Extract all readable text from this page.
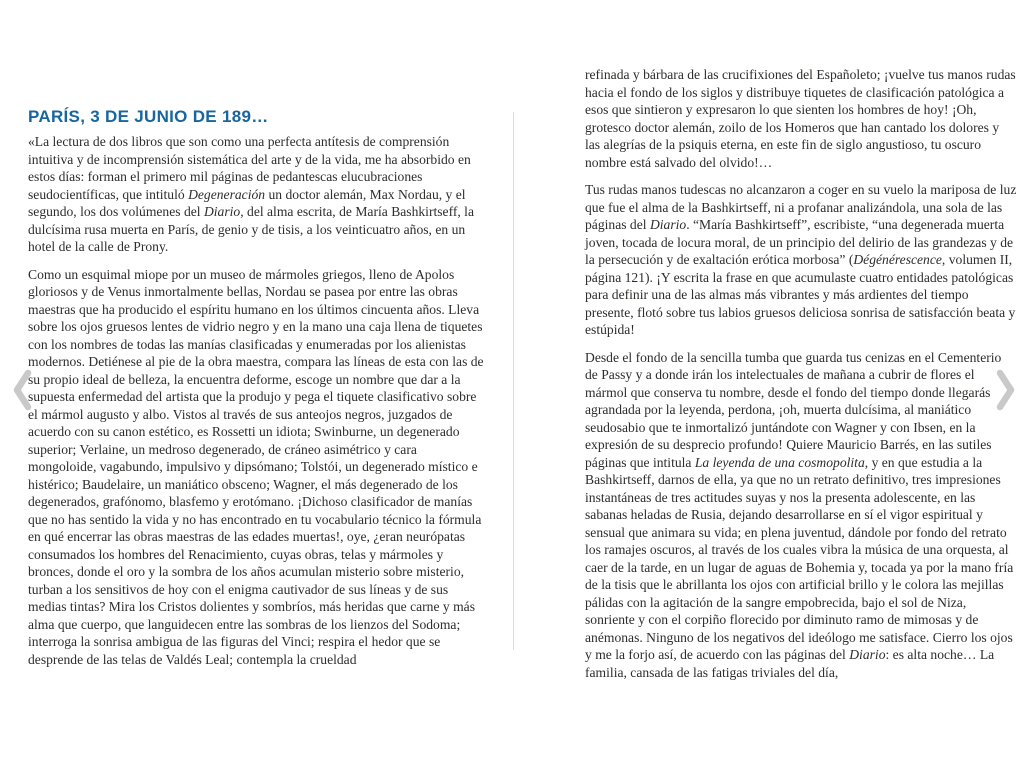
PARÍS, 3 DE JUNIO DE 189…

«La lectura de dos libros que son como una perfecta antítesis de comprensión intuitiva y de incomprensión sistemática del arte y de la vida, me ha absorbido en estos días: forman el primero mil páginas de pedantescas elucubraciones seudocientíficas, que intituló Degeneración un doctor alemán, Max Nordau, y el segundo, los dos volúmenes del Diario, del alma escrita, de María Bashkirtseff, la dulcísima rusa muerta en París, de genio y de tisis, a los veinticuatro años, en un hotel de la calle de Prony.

Como un esquimal miope por un museo de mármoles griegos, lleno de Apolos gloriosos y de Venus inmortalmente bellas, Nordau se pasea por entre las obras maestras que ha producido el espíritu humano en los últimos cincuenta años. Lleva sobre los ojos gruesos lentes de vidrio negro y en la mano una caja llena de tiquetes con los nombres de todas las manías clasificadas y enumeradas por los alienistas modernos. Detiénese al pie de la obra maestra, compara las líneas de esta con las de su propio ideal de belleza, la encuentra deforme, escoge un nombre que dar a la supuesta enfermedad del artista que la produjo y pega el tiquete clasificativo sobre el mármol augusto y albo. Vistos al través de sus anteojos negros, juzgados de acuerdo con su canon estético, es Rossetti un idiota; Swinburne, un degenerado superior; Verlaine, un medroso degenerado, de cráneo asimétrico y cara mongoloide, vagabundo, impulsivo y dipsómano; Tolstói, un degenerado místico e histérico; Baudelaire, un maniático obsceno; Wagner, el más degenerado de los degenerados, grafónomo, blasfemo y erotómano. ¡Dichoso clasificador de manías que no has sentido la vida y no has encontrado en tu vocabulario técnico la fórmula en qué encerrar las obras maestras de las edades muertas!, oye, ¿eran neurópatas consumados los hombres del Renacimiento, cuyas obras, telas y mármoles y bronces, donde el oro y la sombra de los años acumulan misterio sobre misterio, turban a los sensitivos de hoy con el enigma cautivador de sus líneas y de sus medias tintas? Mira los Cristos dolientes y sombríos, más heridas que carne y más alma que cuerpo, que languidecen entre las sombras de los lienzos del Sodoma; interroga la sonrisa ambigua de las figuras del Vinci; respira el hedor que se desprende de las telas de Valdés Leal; contempla la crueldad

refinada y bárbara de las crucifixiones del Españoleto; ¡vuelve tus manos rudas hacia el fondo de los siglos y distribuye tiquetes de clasificación patológica a esos que sintieron y expresaron lo que sienten los hombres de hoy! ¡Oh, grotesco doctor alemán, zoilo de los Homeros que han cantado los dolores y las alegrías de la psiquis eterna, en este fin de siglo angustioso, tu oscuro nombre está salvado del olvido!…

Tus rudas manos tudescas no alcanzaron a coger en su vuelo la mariposa de luz que fue el alma de la Bashkirtseff, ni a profanar analizándola, una sola de las páginas del Diario. “María Bashkirtseff”, escribiste, “una degenerada muerta joven, tocada de locura moral, de un principio del delirio de las grandezas y de la persecución y de exaltación erótica morbosa” (Dégénérescence, volumen II, página 121). ¡Y escrita la frase en que acumulaste cuatro entidades patológicas para definir una de las almas más vibrantes y más ardientes del tiempo presente, flotó sobre tus labios gruesos deliciosa sonrisa de satisfacción beata y estúpida!

Desde el fondo de la sencilla tumba que guarda tus cenizas en el Cementerio de Passy y a donde irán los intelectuales de mañana a cubrir de flores el mármol que conserva tu nombre, desde el fondo del tiempo donde llegarás agrandada por la leyenda, perdona, ¡oh, muerta dulcísima, al maniático seudosabio que te inmortalizó juntándote con Wagner y con Ibsen, en la expresión de su desprecio profundo! Quiere Mauricio Barrés, en las sutiles páginas que intitula La leyenda de una cosmopolita, y en que estudia a la Bashkirtseff, darnos de ella, ya que no un retrato definitivo, tres impresiones instantáneas de tres actitudes suyas y nos la presenta adolescente, en las sabanas heladas de Rusia, dejando desarrollarse en sí el vigor espiritual y sensual que animara su vida; en plena juventud, dándole por fondo del retrato los ramajes oscuros, al través de los cuales vibra la música de una orquesta, al caer de la tarde, en un lugar de aguas de Bohemia y, tocada ya por la mano fría de la tisis que le abrillanta los ojos con artificial brillo y le colora las mejillas pálidas con la agitación de la sangre empobrecida, bajo el sol de Niza, sonriente y con el corpiño florecido por diminuto ramo de mimosas y de anémonas. Ninguno de los negativos del ideólogo me satisface. Cierro los ojos y me la forjo así, de acuerdo con las páginas del Diario: es alta noche… La familia, cansada de las fatigas triviales del día,
